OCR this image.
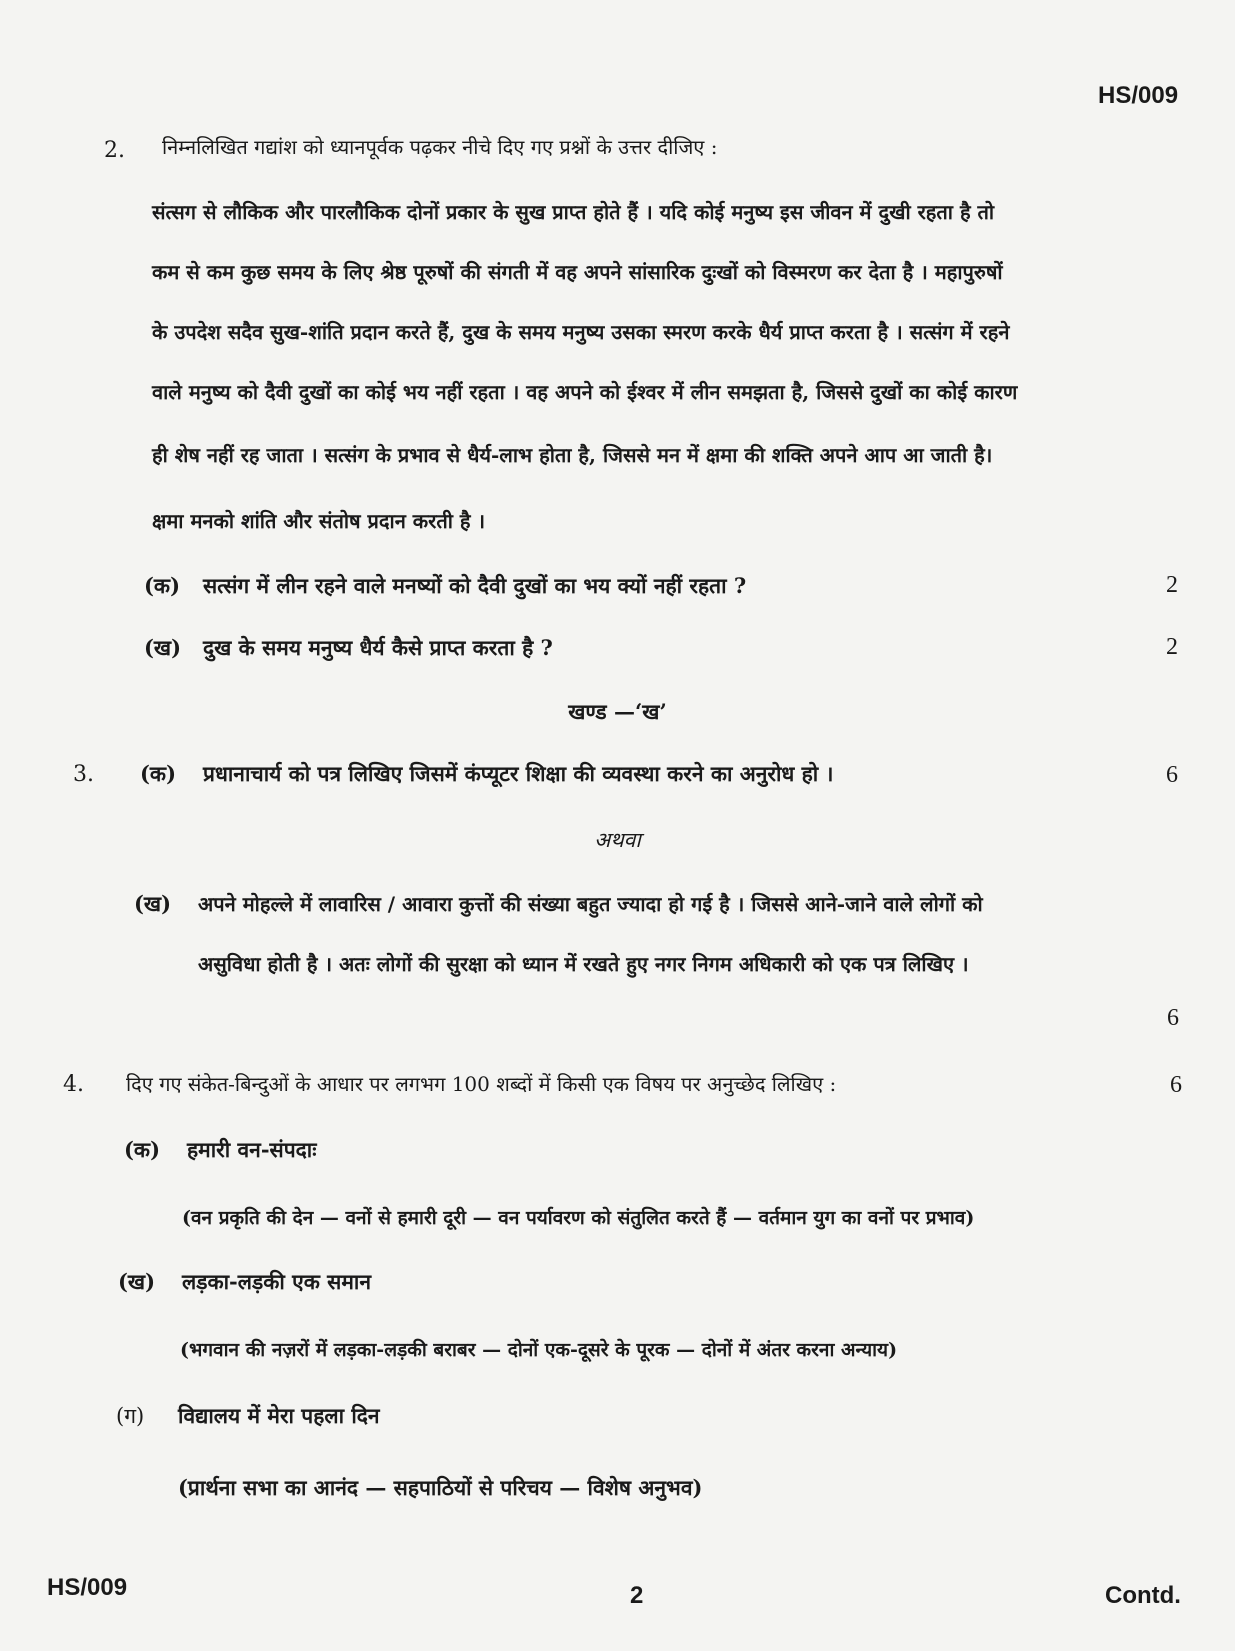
HS/009
2. निम्नलिखित गद्यांश को ध्यानपूर्वक पढ़कर नीचे दिए गए प्रश्नों के उत्तर दीजिए :
संत्सग से लौकिक और पारलौकिक दोनों प्रकार के सुख प्राप्त होते हैं । यदि कोई मनुष्य इस जीवन में दुखी रहता है तो
कम से कम कुछ समय के लिए श्रेष्ठ पूरुषों की संगती में वह अपने सांसारिक दुःखों को विस्मरण कर देता है । महापुरुषों
के उपदेश सदैव सुख-शांति प्रदान करते हैं, दुख के समय मनुष्य उसका स्मरण करके धैर्य प्राप्त करता है । सत्संग में रहने
वाले मनुष्य को दैवी दुखों का कोई भय नहीं रहता । वह अपने को ईश्वर में लीन समझता है, जिससे दुखों का कोई कारण
ही शेष नहीं रह जाता । सत्संग के प्रभाव से धैर्य-लाभ होता है, जिससे मन में क्षमा की शक्ति अपने आप आ जाती है।
क्षमा मनको शांति और संतोष प्रदान करती है ।
(क) सत्संग में लीन रहने वाले मनष्यों को दैवी दुखों का भय क्यों नहीं रहता ?	2
(ख) दुख के समय मनुष्य धैर्य कैसे प्राप्त करता है ?	2
खण्ड —‘ख’
3. (क) प्रधानाचार्य को पत्र लिखिए जिसमें कंप्यूटर शिक्षा की व्यवस्था करने का अनुरोध हो ।	6
अथवा
(ख) अपने मोहल्ले में लावारिस / आवारा कुत्तों की संख्या बहुत ज्यादा हो गई है । जिससे आने-जाने वाले लोगों को
असुविधा होती है । अतः लोगों की सुरक्षा को ध्यान में रखते हुए नगर निगम अधिकारी को एक पत्र लिखिए ।
6
4. दिए गए संकेत-बिन्दुओं के आधार पर लगभग 100 शब्दों में किसी एक विषय पर अनुच्छेद लिखिए :	6
(क) हमारी वन-संपदाः
(वन प्रकृति की देन — वनों से हमारी दूरी — वन पर्यावरण को संतुलित करते हैं — वर्तमान युग का वनों पर प्रभाव)
(ख) लड़का-लड़की एक समान
(भगवान की नज़रों में लड़का-लड़की बराबर — दोनों एक-दूसरे के पूरक — दोनों में अंतर करना अन्याय)
(ग) विद्यालय में मेरा पहला दिन
(प्रार्थना सभा का आनंद — सहपाठियों से परिचय — विशेष अनुभव)
HS/009	2	Contd.
